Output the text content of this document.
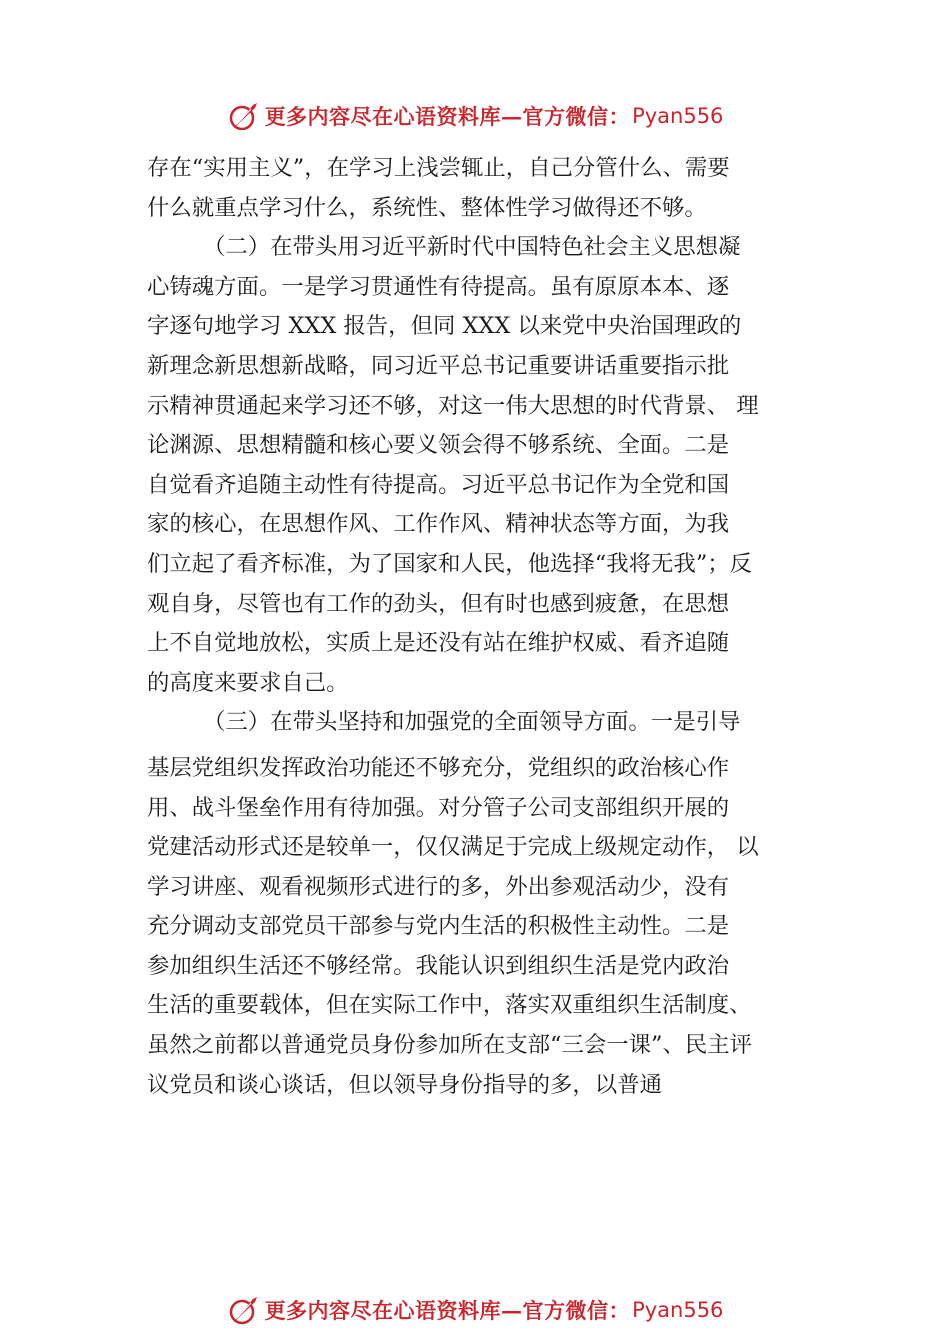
更多内容尽在心语资料库—官方微信： Pyan556

存在“实用主义”，在学习上浅尝辄止，自己分管什么、需要
什么就重点学习什么，系统性、整体性学习做得还不够。

（二）在带头用习近平新时代中国特色社会主义思想凝
心铸魂方面。一是学习贯通性有待提高。虽有原原本本、逐
字逐句地学习 XXX 报告，但同 XXX 以来党中央治国理政的
新理念新思想新战略，同习近平总书记重要讲话重要指示批
示精神贯通起来学习还不够，对这一伟大思想的时代背景、 理
论渊源、思想精髓和核心要义领会得不够系统、全面。二是
自觉看齐追随主动性有待提高。习近平总书记作为全党和国
家的核心，在思想作风、工作作风、精神状态等方面，为我
们立起了看齐标准，为了国家和人民，他选择“我将无我”；反
观自身，尽管也有工作的劲头，但有时也感到疲惫，在思想
上不自觉地放松，实质上是还没有站在维护权威、看齐追随
的高度来要求自己。

（三）在带头坚持和加强党的全面领导方面。一是引导

基层党组织发挥政治功能还不够充分，党组织的政治核心作
用、战斗堡垒作用有待加强。对分管子公司支部组织开展的
党建活动形式还是较单一，仅仅满足于完成上级规定动作， 以
学习讲座、观看视频形式进行的多，外出参观活动少，没有
充分调动支部党员干部参与党内生活的积极性主动性。二是
参加组织生活还不够经常。我能认识到组织生活是党内政治
生活的重要载体，但在实际工作中，落实双重组织生活制度、
虽然之前都以普通党员身份参加所在支部“三会一课”、民主评
议党员和谈心谈话，但以领导身份指导的多，以普通

更多内容尽在心语资料库—官方微信： Pyan556
